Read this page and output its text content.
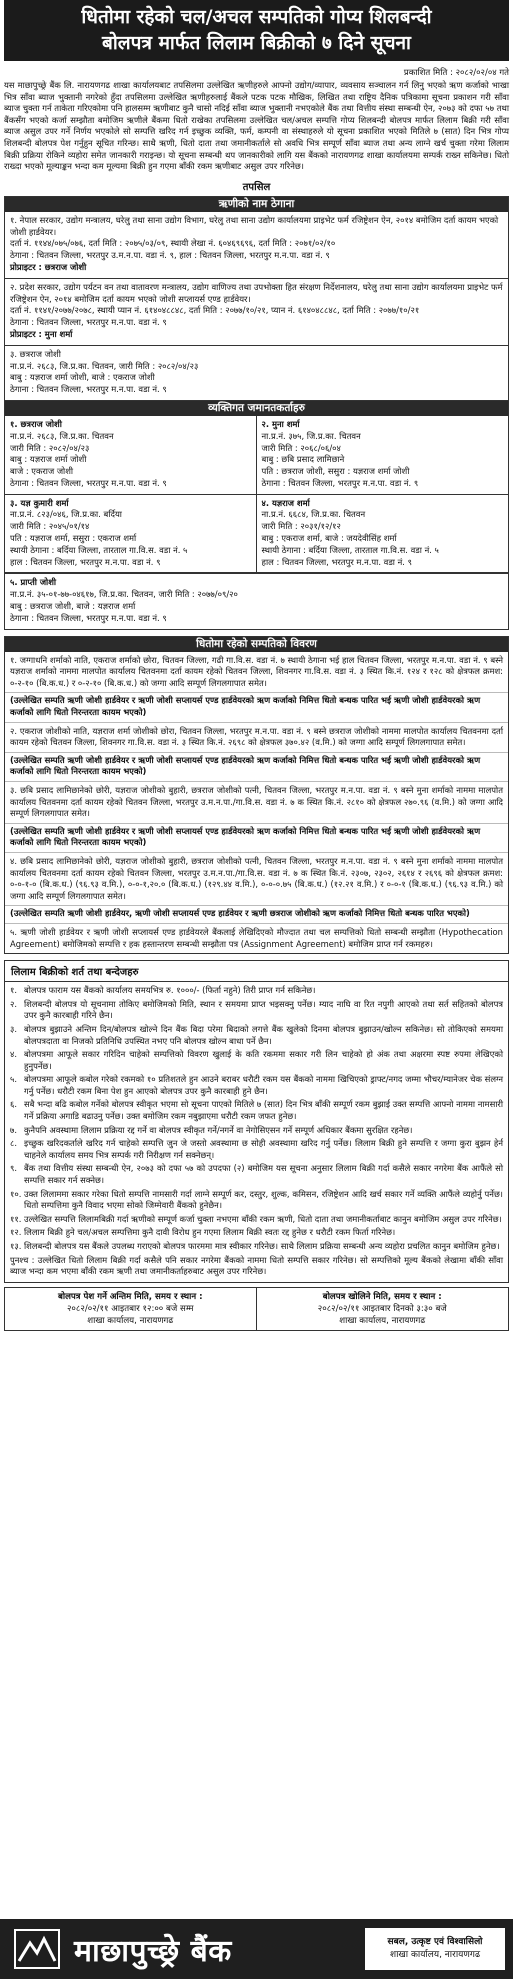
धितोमा रहेको चल/अचल सम्पतिको गोप्य शिलबन्दी
बोलपत्र मार्फत लिलाम बिक्रीको ७ दिने सूचना
प्रकाशित मिति : २०८२/०२/०४ गते
यस माछापुच्छ्रे बैंक लि. नारायणगढ शाखा कार्यालयबाट तपसिलमा उल्लेखित ऋणीहरुले आफ्नो उद्योग/व्यापार, व्यवसाय सञ्चालन गर्न लिनु भएको ऋण कर्जाको भाखा भित्र साँवा ब्याज भुक्तानी नगरेको हुँदा तपसिलमा उल्लेखित ऋणीहरुलाई बैंकले पटक पटक मौखिक, लिखित तथा राष्ट्रिय दैनिक पत्रिकामा सूचना प्रकाशन गरी साँवा ब्याज चुक्ता गर्न ताकेता गरिएकोमा पनि हालसम्म ऋणीबाट कुनै चासो नदिई साँवा ब्याज भुक्तानी नभएकोले बैंक तथा वित्तीय संस्था सम्बन्धी ऐन, २०७३ को दफा ५७ तथा बैंकसँग भएको कर्जा सम्झौता बमोजिम ऋणीले बैंकमा धितो राखेका तपसिलमा उल्लेखित चल/अचल सम्पत्ति गोप्य शिलबन्दी बोलपत्र मार्फत लिलाम बिक्री गरी साँवा ब्याज असुल उपर गर्ने निर्णय भएकोले सो सम्पत्ति खरिद गर्न इच्छुक व्यक्ति, फर्म, कम्पनी वा संस्थाहरुले यो सूचना प्रकाशित भएको मितिले ७ (सात) दिन भित्र गोप्य शिलबन्दी बोलपत्र पेश गर्नुहुन सूचित गरिन्छ। साथै ऋणी, धितो दाता तथा जमानीकर्ताले सो अवधि भित्र सम्पूर्ण साँवा ब्याज तथा अन्य लाग्ने खर्च चुक्ता गरेमा लिलाम बिक्री प्रक्रिया रोकिने व्यहोरा समेत जानकारी गराइन्छ। यो सूचना सम्बन्धी थप जानकारीको लागि यस बैंकको नारायणगढ शाखा कार्यालयमा सम्पर्क राख्न सकिनेछ। धितो राख्दा भएको मूल्याङ्कन भन्दा कम मूल्यमा बिक्री हुन गएमा बाँकी रकम ऋणीबाट असुल उपर गरिनेछ।
तपसिल
ऋणीको नाम ठेगाना
१. नेपाल सरकार, उद्योग मन्त्रालय, घरेलु तथा साना उद्योग विभाग, घरेलु तथा साना उद्योग कार्यालयमा प्राइभेट फर्म रजिष्ट्रेशन ऐन, २०१४ बमोजिम दर्ता कायम भएको जोशी हार्डवेयर।
दर्ता नं. ११४४/०७५/०७६, दर्ता मिति : २०७५/०३/०९, स्थायी लेखा नं. ६०४६९६९६, दर्ता मिति : २०७१/०२/१०
ठेगाना : चितवन जिल्ला, भरतपुर उ.म.न.पा. वडा नं. ९, हाल : चितवन जिल्ला, भरतपुर म.न.पा. वडा नं. ९
प्रोप्राइटर : छत्रराज जोशी
२. प्रदेश सरकार, उद्योग पर्यटन वन तथा वातावरण मन्त्रालय, उद्योग वाणिज्य तथा उपभोक्ता हित संरक्षण निर्देशनालय, घरेलु तथा साना उद्योग कार्यालयमा प्राइभेट फर्म रजिष्ट्रेशन ऐन, २०१४ बमोजिम दर्ता कायम भएको जोशी सप्लायर्स एण्ड हार्डवेयर।
दर्ता नं. ११४१/२०७७/२०७८, स्थायी प्यान नं. ६१४०४८८४८, दर्ता मिति : २०७७/१०/२१, प्यान नं. ६१४०४८८४८, दर्ता मिति : २०७७/१०/२१
ठेगाना : चितवन जिल्ला, भरतपुर म.न.पा. वडा नं. ९
प्रोप्राइटर : मुना शर्मा
३. छत्रराज जोशी
ना.प्र.नं. २६८३, जि.प्र.का. चितवन, जारी मिति : २०८२/०४/२३
बाबु : यज्ञराज शर्मा जोशी, बाजे : एकराज जोशी
ठेगाना : चितवन जिल्ला, भरतपुर म.न.पा. वडा नं. ९
व्यक्तिगत जमानतकर्ताहरु
१. छत्रराज जोशी
ना.प्र.नं. २६८३, जि.प्र.का. चितवन
जारी मिति : २०८२/०४/२३
बाबु : यज्ञराज शर्मा जोशी
बाजे : एकराज जोशी
ठेगाना : चितवन जिल्ला, भरतपुर म.न.पा. वडा नं. ९
२. मुना शर्मा
ना.प्र.नं. ३७५, जि.प्र.का. चितवन
जारी मिति : २०६८/०६/०४
बाबु : छबि प्रसाद लामिछाने
पति : छत्रराज जोशी, ससुरा : यज्ञराज शर्मा जोशी
ठेगाना : चितवन जिल्ला, भरतपुर म.न.पा. वडा नं. ९
३. यज्ञ कुमारी शर्मा
ना.प्र.नं. ८२३/०४६, जि.प्र.का. बर्दिया
जारी मिति : २०४५/०१/१४
पति : यज्ञराज शर्मा, ससुरा : एकराज शर्मा
स्थायी ठेगाना : बर्दिया जिल्ला, तारताल गा.वि.स. वडा नं. ५
हाल : चितवन जिल्ला, भरतपुर म.न.पा. वडा नं. ९
४. यज्ञराज शर्मा
ना.प्र.नं. ६६८४, जि.प्र.का. चितवन
जारी मिति : २०३१/१२/१२
बाबु : एकराज शर्मा, बाजे : जयदेवीसिंह शर्मा
स्थायी ठेगाना : बर्दिया जिल्ला, तारताल गा.वि.स. वडा नं. ५
हाल : चितवन जिल्ला, भरतपुर म.न.पा. वडा नं. ९
५. प्राप्ती जोशी
ना.प्र.नं. ३५-०१-७७-०४६१७, जि.प्र.का. चितवन, जारी मिति : २०७७/०९/२०
बाबु : छत्रराज जोशी, बाजे : यज्ञराज शर्मा
ठेगाना : चितवन जिल्ला, भरतपुर म.न.पा. वडा नं. ९
धितोमा रहेको सम्पतिको विवरण
१. जग्गाधनि शर्माको नाति, एकराज शर्माको छोरा, चितवन जिल्ला, गढी गा.वि.स. वडा नं. ७ स्थायी ठेगाना भई हाल चितवन जिल्ला, भरतपुर म.न.पा. वडा नं. ९ बस्ने यज्ञराज शर्माको नाममा मालपोत कार्यालय चितवनमा दर्ता कायम रहेको चितवन जिल्ला, शिवनगर गा.वि.स. वडा नं. ३ स्थित कि.नं. १२४ र १२८ को क्षेत्रफल क्रमश: ०-२-१० (बि.क.ध.) र ०-२-१० (बि.क.ध.) को जग्गा आदि सम्पूर्ण लिगलगापात समेत।
(उल्लेखित सम्पति ऋणी जोशी हार्डवेयर र ऋणी जोशी सप्लायर्स एण्ड हार्डवेयरको ऋण कर्जाको निमित्त धितो बन्धक पारित भई ऋणी जोशी हार्डवेयरको ऋण कर्जाको लागि धितो निरन्तरता कायम भएको)
२. एकराज जोशीको नाति, यज्ञराज शर्मा जोशीको छोरा, चितवन जिल्ला, भरतपुर म.न.पा. वडा नं. ९ बस्ने छत्रराज जोशीको नाममा मालपोत कार्यालय चितवनमा दर्ता कायम रहेको चितवन जिल्ला, शिवनगर गा.वि.स. वडा नं. ३ स्थित कि.नं. २६९८ को क्षेत्रफल ३७०.४२ (व.मि.) को जग्गा आदि सम्पूर्ण लिगलगापात समेत।
(उल्लेखित सम्पति ऋणी जोशी हार्डवेयर र ऋणी जोशी सप्लायर्स एण्ड हार्डवेयरको ऋण कर्जाको निमित्त धितो बन्धक पारित भई ऋणी जोशी हार्डवेयरको ऋण कर्जाको लागि धितो निरन्तरता कायम भएको)
३. छबि प्रसाद लामिछानेको छोरी, यज्ञराज जोशीको बुहारी, छत्रराज जोशीको पत्नी, चितवन जिल्ला, भरतपुर म.न.पा. वडा नं. ९ बस्ने मुना शर्माको नाममा मालपोत कार्यालय चितवनमा दर्ता कायम रहेको चितवन जिल्ला, भरतपुर उ.म.न.पा./गा.वि.स. वडा नं. ७ क स्थित कि.नं. २८१० को क्षेत्रफल २७०.९६ (व.मि.) को जग्गा आदि सम्पूर्ण लिगलगापात समेत।
(उल्लेखित सम्पति ऋणी जोशी हार्डवेयर र ऋणी जोशी सप्लायर्स एण्ड हार्डवेयरको ऋण कर्जाको निमित्त धितो बन्धक पारित भई ऋणी जोशी हार्डवेयरको ऋण कर्जाको लागि धितो निरन्तरता कायम भएको)
४. छबि प्रसाद लामिछानेको छोरी, यज्ञराज जोशीको बुहारी, छत्रराज जोशीको पत्नी, चितवन जिल्ला, भरतपुर म.न.पा. वडा नं. ९ बस्ने मुना शर्माको नाममा मालपोत कार्यालय चितवनमा दर्ता कायम रहेको चितवन जिल्ला, भरतपुर उ.म.न.पा./गा.वि.स. वडा नं. ७ क स्थित कि.नं. २३०७, २३०२, २६१४ र २६९६ को क्षेत्रफल क्रमश: ०-०-१-० (बि.क.ध.) (९६.९३ व.मि.), ०-०-१,२०.० (बि.क.ध.) (१२९.४४ व.मि.), ०-०-०.७५ (बि.क.ध.) (१२.२१ व.मि.) र ०-०-१ (बि.क.ध.) (९६.९३ व.मि.) को जग्गा आदि सम्पूर्ण लिगलगापात समेत।
(उल्लेखित सम्पति ऋणी जोशी हार्डवेयर, ऋणी जोशी सप्लायर्स एण्ड हार्डवेयर र ऋणी छत्रराज जोशीको ऋण कर्जाको निमित्त धितो बन्धक पारित भएको)
५. ऋणी जोशी हार्डवेयर र ऋणी जोशी सप्लायर्स एण्ड हार्डवेयरले बैंकलाई लेखिदिएको मौज्दात तथा चल सम्पत्तिको धितो सम्बन्धी सम्झौता (Hypothecation Agreement) बमोजिमको सम्पत्ति र हक हस्तान्तरण सम्बन्धी सम्झौता पत्र (Assignment Agreement) बमोजिम प्राप्त गर्न रकमहरु।
लिलाम बिक्रीको शर्त तथा बन्देजहरु
१. बोलपत्र फाराम यस बैंकको कार्यालय समयभित्र रु. १०००/- (फिर्ता नहुने) तिरी प्राप्त गर्न सकिनेछ।
२. शिलबन्दी बोलपत्र यो सूचनामा तोकिए बमोजिमको मिति, स्थान र समयमा प्राप्त भइसक्नु पर्नेछ। म्याद नाघि वा रित नपुगी आएको तथा सर्त सहितको बोलपत्र उपर कुनै कारबाही गरिने छैन।
३. बोलपत्र बुझाउने अन्तिम दिन/बोलपत्र खोल्ने दिन बैंक बिदा परेमा बिदाको लगत्ते बैंक खुलेको दिनमा बोलपत्र बुझाउन/खोल्न सकिनेछ। सो तोकिएको समयमा बोलपत्रदाता वा निजको प्रतिनिधि उपस्थित नभए पनि बोलपत्र खोल्न बाधा पर्ने छैन।
४. बोलपत्रमा आफूले सकार गरिदिन चाहेको सम्पत्तिको विवरण खुलाई के कति रकममा सकार गरी लिन चाहेको हो अंक तथा अक्षरमा स्पष्ट रुपमा लेखिएको हुनुपर्नेछ।
५. बोलपत्रमा आफूले कबोल गरेको रकमको १० प्रतिशतले हुन आउने बराबर धरौटी रकम यस बैंकको नाममा खिचिएको ड्राफ्ट/नगद जम्मा भौचर/म्यानेजर चेक संलग्न गर्नु पर्नेछ। धरौटी रकम बिना पेश हुन आएको बोलपत्र उपर कुनै कारबाही हुने छैन।
६. सबै भन्दा बढि कबोल गर्नेको बोलपत्र स्वीकृत भएमा सो सूचना पाएको मितिले ७ (सात) दिन भित्र बाँकी सम्पूर्ण रकम बुझाई उक्त सम्पत्ति आफ्नो नाममा नामसारी गर्ने प्रक्रिया अगाडि बढाउनु पर्नेछ। उक्त बमोजिम रकम नबुझाएमा धरौटी रकम जफत हुनेछ।
७. कुनैपनि अवस्थामा लिलाम प्रक्रिया रद्द गर्ने वा बोलपत्र स्वीकृत गर्ने/नगर्ने वा नेगोसिएसन गर्ने सम्पूर्ण अधिकार बैंकमा सुरक्षित रहनेछ।
८. इच्छुक खरिदकर्ताले खरिद गर्न चाहेको सम्पत्ति जुन जे जस्तो अवस्थामा छ सोही अवस्थामा खरिद गर्नु पर्नेछ। लिलाम बिक्री हुने सम्पत्ति र जग्गा कुरा बुझन हेर्न चाहनेले कार्यालय समय भित्र सम्पर्क गरी निरीक्षण गर्न सक्नेछन्।
९. बैंक तथा वित्तीय संस्था सम्बन्धी ऐन, २०७३ को दफा ५७ को उपदफा (२) बमोजिम यस सूचना अनुसार लिलाम बिक्री गर्दा कसैले सकार नगरेमा बैंक आफैंले सो सम्पत्ति सकार गर्न सक्नेछ।
१०. उक्त लिलाममा सकार गरेका धितो सम्पत्ति नामसारी गर्दा लाग्ने सम्पूर्ण कर, दस्तुर, शुल्क, कमिसन, रजिष्ट्रेशन आदि खर्च सकार गर्ने व्यक्ति आफैंले व्यहोर्नु पर्नेछ। धितो सम्पत्तिमा कुनै विवाद भएमा सोको जिम्मेवारी बैंकको हुनेछैन।
११. उल्लेखित सम्पत्ति लिलामबिक्री गर्दा ऋणीको सम्पूर्ण कर्जा चुक्ता नभएमा बाँकी रकम ऋणी, धितो दाता तथा जमानीकर्ताबाट कानुन बमोजिम असुल उपर गरिनेछ।
१२. लिलाम बिक्री हुने चल/अचल सम्पत्तिमा कुनै दावी विरोध हुन गएमा लिलाम बिक्री स्वतः रद्द हुनेछ र धरौटी रकम फिर्ता गरिनेछ।
१३. शिलबन्दी बोलपत्र यस बैंकले उपलब्ध गराएको बोलपत्र फारममा मात्र स्वीकार गरिनेछ। साथै लिलाम प्रक्रिया सम्बन्धी अन्य व्यहोरा प्रचलित कानुन बमोजिम हुनेछ।
पुनश्च : उल्लेखित धितो लिलाम बिक्री गर्दा कसैले पनि सकार नगरेमा बैंकको नाममा धितो सम्पत्ति सकार गरिनेछ। सो सम्पत्तिको मूल्य बैंकको लेखामा बाँकी साँवा ब्याज भन्दा कम भएमा बाँकी रकम ऋणी तथा जमानीकर्ताहरुबाट असुल उपर गरिनेछ।
बोलपत्र पेश गर्ने अन्तिम मिति, समय र स्थान :
२०८२/०२/११ आइतबार १२:०० बजे सम्म
शाखा कार्यालय, नारायणगढ
बोलपत्र खोलिने मिति, समय र स्थान :
२०८२/०२/११ आइतबार दिनको ३:३० बजे
शाखा कार्यालय, नारायणगढ
माछापुच्छ्रे बैंक	सबल, उत्कृष्ट एवं विश्वासिलो
शाखा कार्यालय, नारायणगढ
